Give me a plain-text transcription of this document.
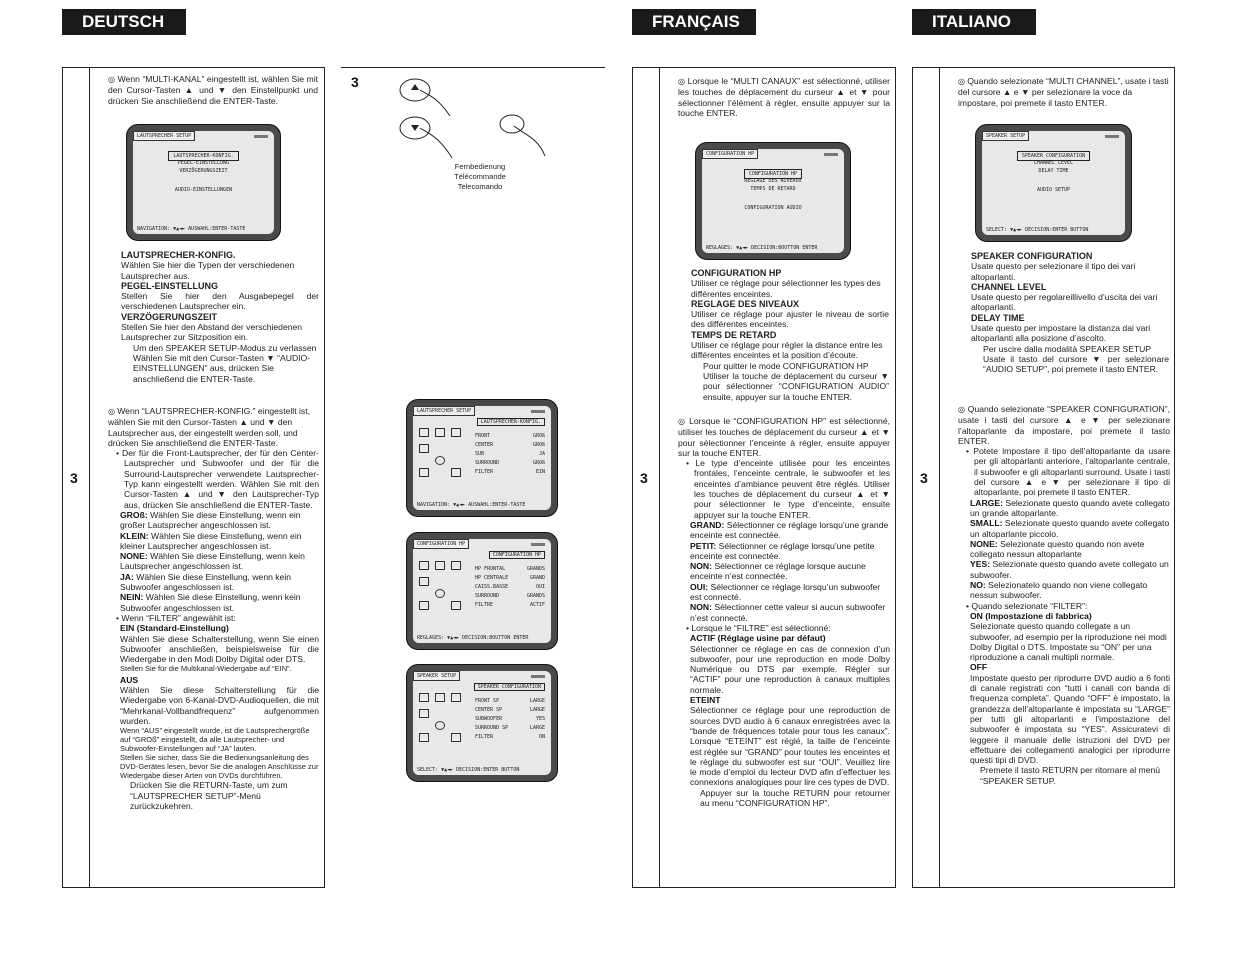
DEUTSCH	FRANÇAIS	ITALIANO
3
◎ Wenn “MULTI-KANAL” eingestellt ist, wählen Sie mit den Cursor-Tasten ▲ und ▼ den Einstellpunkt und drücken Sie anschließend die ENTER-Taste.
LAUTSPRECHER SETUP
LAUTSPRECHER-KONFIG.
PEGEL-EINSTELLUNG
VERZÖGERUNGSZEIT
AUDIO-EINSTELLUNGEN
NAVIGATION: ▼▲◄► AUSWAHL:ENTER-TASTE

LAUTSPRECHER-KONFIG.

Wählen Sie hier die Typen der verschiedenen Lautsprecher aus.

PEGEL-EINSTELLUNG

Stellen Sie hier den Ausgabepegel der verschiedenen Lautsprecher ein.

VERZÖGERUNGSZEIT

Stellen Sie hier den Abstand der verschiedenen Lautsprecher zur Sitzposition ein.

Um den SPEAKER SETUP-Modus zu verlassen

Wählen Sie mit den Cursor-Tasten ▼ “AUDIO-EINSTELLUNGEN” aus, drücken Sie anschließend die ENTER-Taste.

◎ Wenn “LAUTSPRECHER-KONFIG.” eingestellt ist, wählen Sie mit den Cursor-Tasten ▲ und ▼ den Lautsprecher aus, der eingestellt werden soll, und drücken Sie anschließend die ENTER-Taste.

• Der für die Front-Lautsprecher, der für den Center-Lautsprecher und Subwoofer und der für die Surround-Lautsprecher verwendete Lautsprecher-Typ kann eingestellt werden. Wählen Sie mit den Cursor-Tasten ▲ und ▼ den Lautsprecher-Typ aus, drücken Sie anschließend die ENTER-Taste.

GROß: Wählen Sie diese Einstellung, wenn ein großer Lautsprecher angeschlossen ist.

KLEIN: Wählen Sie diese Einstellung, wenn ein kleiner Lautsprecher angeschlossen ist.

NONE: Wählen Sie diese Einstellung, wenn kein Lautsprecher angeschlossen ist.

JA: Wählen Sie diese Einstellung, wenn kein Subwoofer angeschlossen ist.

NEIN: Wählen Sie diese Einstellung, wenn kein Subwoofer angeschlossen ist.

• Wenn “FILTER” angewählt ist:

EIN (Standard-Einstellung)

Wählen Sie diese Schalterstellung, wenn Sie einen Subwoofer anschließen, beispielsweise für die Wiedergabe in den Modi Dolby Digital oder DTS.

Stellen Sie für die Multikanal-Wiedergabe auf “EIN”.

AUS

Wählen Sie diese Schalterstellung für die Wiedergabe von 6-Kanal-DVD-Audioquellen, die mit “Mehrkanal-Vollbandfrequenz” aufgenommen wurden.

Wenn “AUS” eingestellt wurde, ist die Lautsprechergröße auf “GROß” eingestellt, da alle Lautsprecher- und Subwoofer-Einstellungen auf “JA” lauten.

Stellen Sie sicher, dass Sie die Bedienungsanleitung des DVD-Gerätes lesen, bevor Sie die analogen Anschlüsse zur Wiedergabe dieser Arten von DVDs durchführen.

Drücken Sie die RETURN-Taste, um zum “LAUTSPRECHER SETUP”-Menü zurückzukehren.

3
Fernbedienung
Télécommande
Telecomando
LAUTSPRECHER SETUP
LAUTSPRECHER-KONFIG.
FRONT	GROß
CENTER	GROß
SUB	JA
SURROUND	GROß
FILTER	EIN
NAVIGATION: ▼▲◄► AUSWAHL:ENTER-TASTE
CONFIGURATION HP
CONFIGURATION HP
HP FRONTAL	GRANDS
HP CENTRALE	GRAND
CAISS.BASSE	OUI
SURROUND	GRANDS
FILTRE	ACTIF
REGLAGES: ▼▲◄► DECISION:BOUTTON ENTER
SPEAKER SETUP
SPEAKER CONFIGURATION
FRONT SP	LARGE
CENTER SP	LARGE
SUBWOOFER	YES
SURROUND SP	LARGE
FILTER	ON
SELECT: ▼▲◄► DECISION:ENTER BUTTON
3
◎ Lorsque le “MULTI CANAUX” est sélectionné, utiliser les touches de déplacement du curseur ▲ et ▼ pour sélectionner l’élément à régler, ensuite appuyer sur la touche ENTER.
CONFIGURATION HP
CONFIGURATION HP
REGLAGE DES NIVEAUX
TEMPS DE RETARD
CONFIGURATION AUDIO
REGLAGES: ▼▲◄► DECISION:BOUTTON ENTER

CONFIGURATION HP

Utiliser ce réglage pour sélectionner les types des différentes enceintes.

REGLAGE DES NIVEAUX

Utiliser ce réglage pour ajuster le niveau de sortie des différentes enceintes.

TEMPS DE RETARD

Utiliser ce réglage pour régler la distance entre les différentes enceintes et la position d’écoute.

Pour quitter le mode CONFIGURATION HP

Utiliser la touche de déplacement du curseur ▼ pour sélectionner “CONFIGURATION AUDIO” ensuite, appuyer sur la touche ENTER.

◎ Lorsque le “CONFIGURATION HP” est sélectionné, utiliser les touches de déplacement du curseur ▲ et ▼ pour sélectionner l’enceinte à régler, ensuite appuyer sur la touche ENTER.

• Le type d’enceinte utilisée pour les enceintes frontales, l’enceinte centrale, le subwoofer et les enceintes d’ambiance peuvent être réglés. Utiliser les touches de déplacement du curseur ▲ et ▼ pour sélectionner le type d’enceinte, ensuite appuyer sur la touche ENTER.

GRAND: Sélectionner ce réglage lorsqu’une grande enceinte est connectée.

PETIT: Sélectionner ce réglage lorsqu’une petite enceinte est connectée.

NON: Sélectionner ce réglage lorsque aucune enceinte n’est connectée.

OUI: Sélectionner ce réglage lorsqu’un subwoofer est connecté.

NON: Sélectionner cette valeur si aucun subwoofer n’est connecté.

• Lorsque le “FILTRE” est sélectionné:

ACTIF (Réglage usine par défaut)

Sélectionner ce réglage en cas de connexion d’un subwoofer, pour une reproduction en mode Dolby Numérique ou DTS par exemple. Régler sur “ACTIF” pour une reproduction à canaux multiples normale.

ETEINT

Sélectionner ce réglage pour une reproduction de sources DVD audio à 6 canaux enregistrées avec la “bande de fréquences totale pour tous les canaux”. Lorsque “ETEINT” est réglé, la taille de l’enceinte est réglée sur “GRAND” pour toutes les enceintes et le réglage du subwoofer est sur “OUI”. Veuillez lire le mode d’emploi du lecteur DVD afin d’effectuer les connexions analogiques pour lire ces types de DVD.

Appuyer sur la touche RETURN pour retourner au menu “CONFIGURATION HP”.

3
◎ Quando selezionate “MULTI CHANNEL”, usate i tasti del cursore ▲ e ▼ per selezionare la voce da impostare, poi premete il tasto ENTER.
SPEAKER SETUP
SPEAKER CONFIGURATION
CHANNEL LEVEL
DELAY TIME
AUDIO SETUP
SELECT: ▼▲◄► DECISION:ENTER BUTTON

SPEAKER CONFIGURATION

Usate questo per selezionare il tipo dei vari altoparlanti.

CHANNEL LEVEL

Usate questo per regolareillivello d’uscita dei vari altoparlanti.

DELAY TIME

Usate questo per impostare la distanza dai vari altoparlanti alla posizione d’ascolto.

Per uscire dalla modalità SPEAKER SETUP

Usate il tasto del cursore ▼ per selezionare “AUDIO SETUP”, poi premete il tasto ENTER.

◎ Quando selezionate “SPEAKER CONFIGURATION”, usate i tasti del cursore ▲ e ▼ per selezionare l’altoparlante da impostare, poi premete il tasto ENTER.

• Potete impostare il tipo dell’altoparlante da usare per gli altoparlanti anteriore, l’altoparlante centrale, il subwoofer e gli altoparlanti surround. Usate i tasti del cursore ▲ e ▼ per selezionare il tipo di altoparlante, poi premete il tasto ENTER.

LARGE: Selezionate questo quando avete collegato un grande altoparlante.

SMALL: Selezionate questo quando avete collegato un altoparlante piccolo.

NONE: Selezionate questo quando non avete collegato nessun altoparlante

YES: Selezionate questo quando avete collegato un subwoofer.

NO: Selezionatelo quando non viene collegato nessun subwoofer.

• Quando selezionate “FILTER”:

ON (Impostazione di fabbrica)

Selezionate questo quando collegate a un subwoofer, ad esempio per la riproduzione nei modi Dolby Digital o DTS. Impostate su “ON” per una riproduzione a canali multipli normale.

OFF

Impostate questo per riprodurre DVD audio a 6 fonti di canale registrati con “tutti i canali con banda di frequenza completa”. Quando “OFF” è impostato, la grandezza dell’altoparlante è impostata su “LARGE” per tutti gli altoparlanti e l’impostazione del subwoofer è impostata su “YES”. Assicuratevi di leggere il manuale delle istruzioni del DVD per effettuare dei collegamenti analogici per riprodurre questi tipi di DVD.

Premete il tasto RETURN per ritornare al menù “SPEAKER SETUP.
